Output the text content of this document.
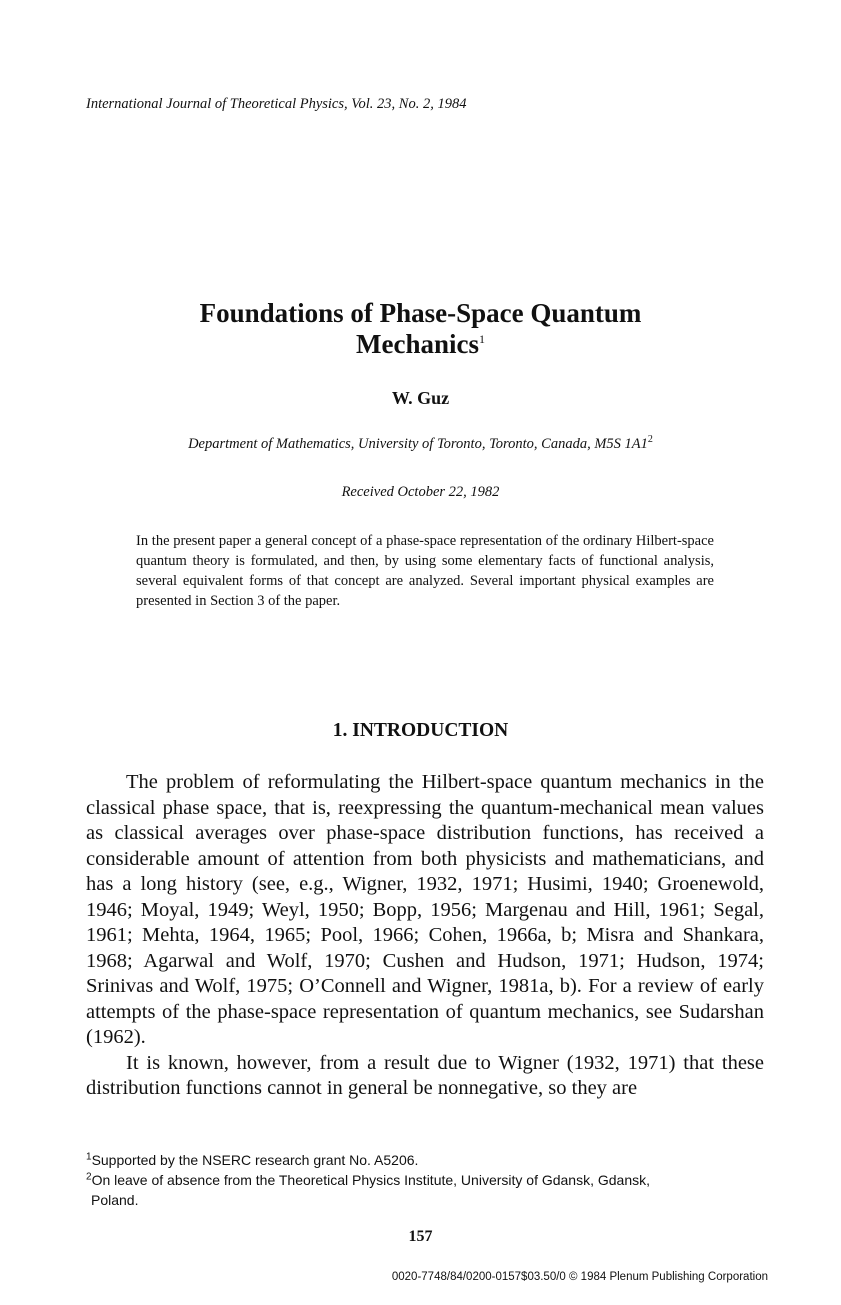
International Journal of Theoretical Physics, Vol. 23, No. 2, 1984
Foundations of Phase-Space Quantum
Mechanics$^1$
W. Guz
Department of Mathematics, University of Toronto, Toronto, Canada, M5S $1A1^2$
Received October 22, 1982
In the present paper a general concept of a phase-space representation of the ordinary Hilbert-space quantum theory is formulated, and then, by using some elementary facts of functional analysis, several equivalent forms of that concept are analyzed. Several important physical examples are presented in Section 3 of the paper.
1. INTRODUCTION

The problem of reformulating the Hilbert-space quantum mechanics in the classical phase space, that is, reexpressing the quantum-mechanical mean values as classical averages over phase-space distribution functions, has received a considerable amount of attention from both physicists and mathematicians, and has a long history (see, e.g., Wigner, 1932, 1971; Husimi, 1940; Groenewold, 1946; Moyal, 1949; Weyl, 1950; Bopp, 1956; Margenau and Hill, 1961; Segal, 1961; Mehta, 1964, 1965; Pool, 1966; Cohen, 1966a, b; Misra and Shankara, 1968; Agarwal and Wolf, 1970; Cushen and Hudson, 1971; Hudson, 1974; Srinivas and Wolf, 1975; O’Connell and Wigner, 1981a, b). For a review of early attempts of the phase-space representation of quantum mechanics, see Sudarshan (1962).

It is known, however, from a result due to Wigner (1932, 1971) that these distribution functions cannot in general be nonnegative, so they are

$^1$Supported by the NSERC research grant No. A5206.
$^2$On leave of absence from the Theoretical Physics Institute, University of Gdansk, Gdansk,
Poland.
157
0020-7748/84/0200-0157$03.50/0 © 1984 Plenum Publishing Corporation
